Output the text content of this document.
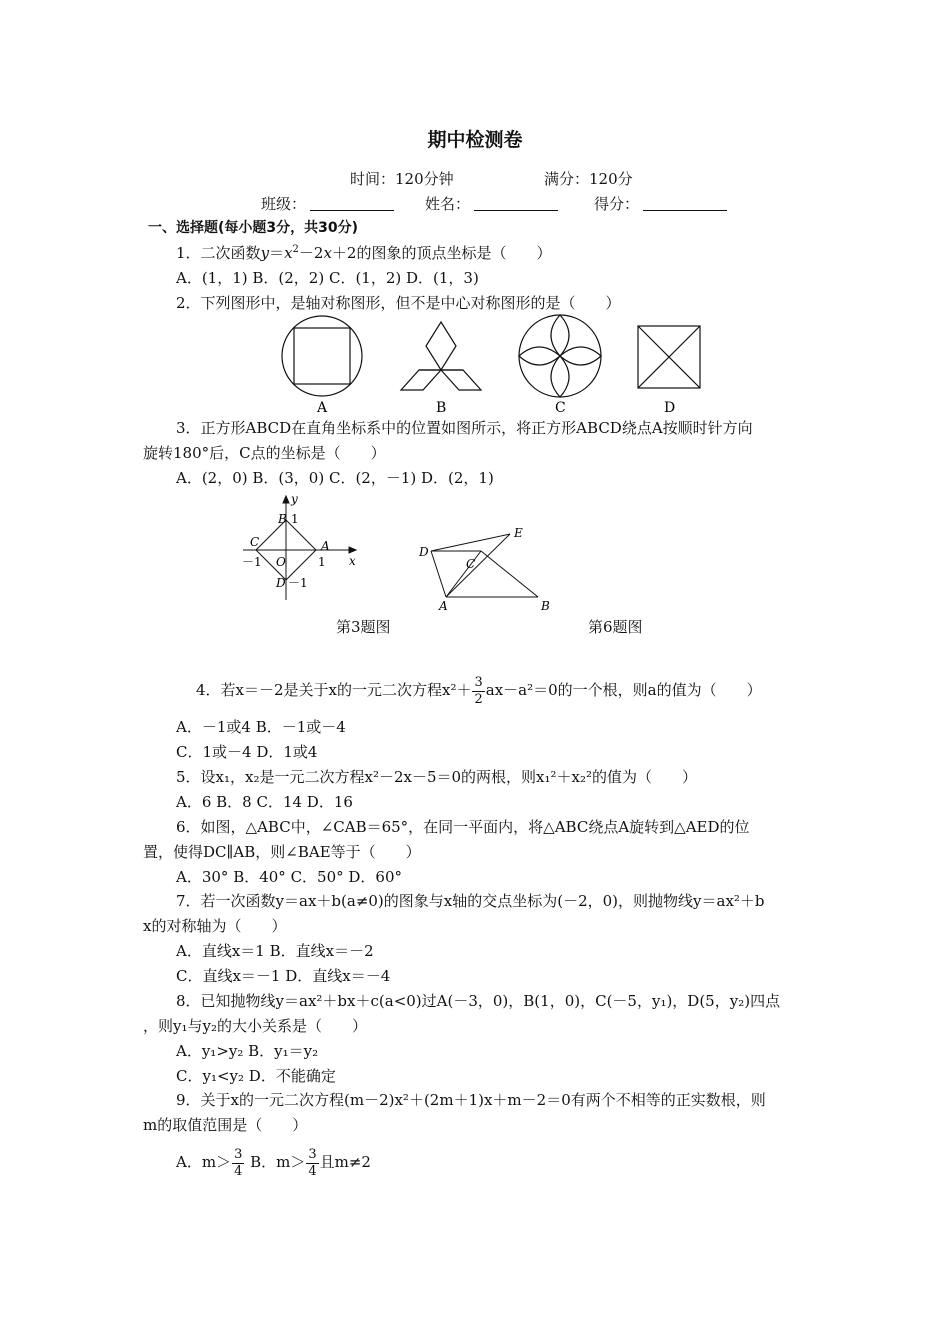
期中检测卷
时间：120分钟	满分：120分
班级：	姓名：	得分：
一、选择题(每小题3分，共30分)
1．二次函数$y=x^2-2x+2$的图象的顶点坐标是（　　）
A．(1，1) B．(2，2) C．(1，2) D．(1，3)
2．下列图形中，是轴对称图形，但不是中心对称图形的是（　　）
A	B	C	D
3．正方形ABCD在直角坐标系中的位置如图所示，将正方形ABCD绕点A按顺时针方向
旋转180°后，C点的坐标是（　　）
A．(2，0) B．(3，0) C．(2，－1) D．(2，1)
y
x
B 1
C	A
－1 O	1
D －1
第3题图
D
E
C
A	B
第6题图
4．若x＝－2是关于x的一元二次方程$x^2+ \frac{3}{2} ax-a^2=0$的一个根，则a的值为（　　）
A．－1或4 B．－1或－4
C．1或－4 D．1或4
5．设x₁，x₂是一元二次方程x²－2x－5＝0的两根，则x₁²＋x₂²的值为（　　）
A．6 B．8 C．14 D．16
6．如图，△ABC中，∠CAB＝65°，在同一平面内，将△ABC绕点A旋转到△AED的位
置，使得DC∥AB，则∠BAE等于（　　）
A．30° B．40° C．50° D．60°
7．若一次函数y＝ax＋b(a≠0)的图象与x轴的交点坐标为(－2，0)，则抛物线y＝ax²＋b
x的对称轴为（　　）
A．直线x＝1 B．直线x＝－2
C．直线x＝－1 D．直线x＝－4
8．已知抛物线y＝ax²＋bx＋c(a<0)过A(－3，0)，B(1，0)，C(－5，y₁)，D(5，y₂)四点
，则y₁与y₂的大小关系是（　　）
A．y₁>y₂ B．y₁＝y₂
C．y₁<y₂ D．不能确定
9．关于x的一元二次方程(m－2)x²＋(2m＋1)x＋m－2＝0有两个不相等的正实数根，则
m的取值范围是（　　）
A．$m> \frac{3}{4}$ B．$m> \frac{3}{4}$ 且m≠2
